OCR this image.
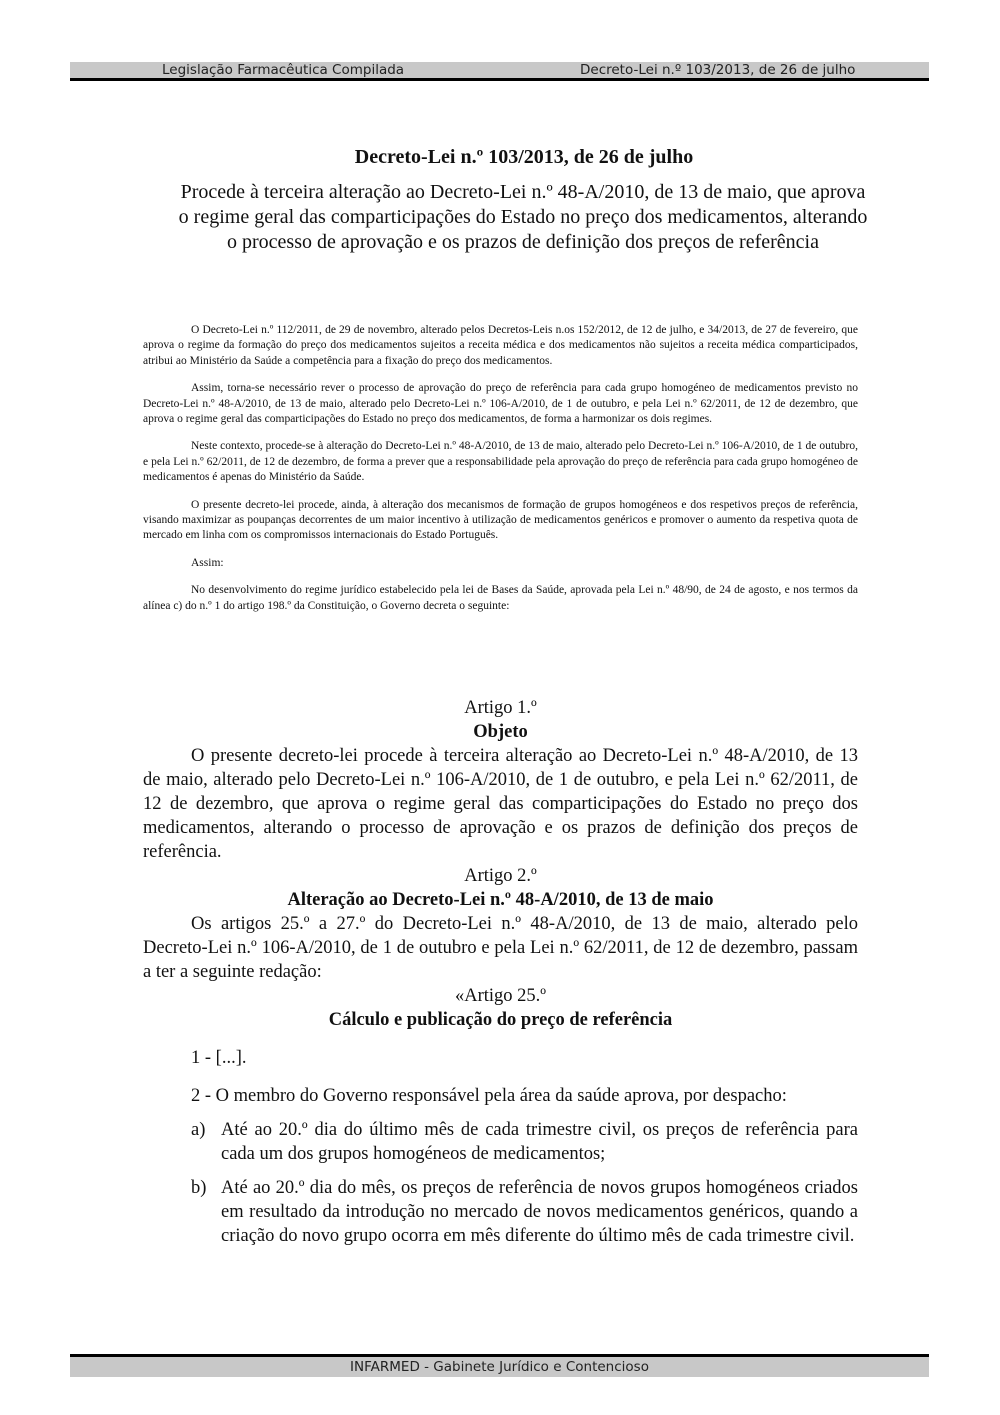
Legislação Farmacêutica Compilada	Decreto-Lei n.º 103/2013, de 26 de julho
Decreto-Lei n.º 103/2013, de 26 de julho
Procede à terceira alteração ao Decreto-Lei n.º 48-A/2010, de 13 de maio, que aprova o regime geral das comparticipações do Estado no preço dos medicamentos, alterando o processo de aprovação e os prazos de definição dos preços de referência

O Decreto-Lei n.º 112/2011, de 29 de novembro, alterado pelos Decretos-Leis n.os 152/2012, de 12 de julho, e 34/2013, de 27 de fevereiro, que aprova o regime da formação do preço dos medicamentos sujeitos a receita médica e dos medicamentos não sujeitos a receita médica comparticipados, atribui ao Ministério da Saúde a competência para a fixação do preço dos medicamentos.

Assim, torna-se necessário rever o processo de aprovação do preço de referência para cada grupo homogéneo de medicamentos previsto no Decreto-Lei n.º 48-A/2010, de 13 de maio, alterado pelo Decreto-Lei n.º 106-A/2010, de 1 de outubro, e pela Lei n.º 62/2011, de 12 de dezembro, que aprova o regime geral das comparticipações do Estado no preço dos medicamentos, de forma a harmonizar os dois regimes.

Neste contexto, procede-se à alteração do Decreto-Lei n.º 48-A/2010, de 13 de maio, alterado pelo Decreto-Lei n.º 106-A/2010, de 1 de outubro, e pela Lei n.º 62/2011, de 12 de dezembro, de forma a prever que a responsabilidade pela aprovação do preço de referência para cada grupo homogéneo de medicamentos é apenas do Ministério da Saúde.

O presente decreto-lei procede, ainda, à alteração dos mecanismos de formação de grupos homogéneos e dos respetivos preços de referência, visando maximizar as poupanças decorrentes de um maior incentivo à utilização de medicamentos genéricos e promover o aumento da respetiva quota de mercado em linha com os compromissos internacionais do Estado Português.

Assim:

No desenvolvimento do regime jurídico estabelecido pela lei de Bases da Saúde, aprovada pela Lei n.º 48/90, de 24 de agosto, e nos termos da alínea c) do n.º 1 do artigo 198.º da Constituição, o Governo decreta o seguinte:

Artigo 1.º

Objeto

O presente decreto-lei procede à terceira alteração ao Decreto-Lei n.º 48-A/2010, de 13 de maio, alterado pelo Decreto-Lei n.º 106-A/2010, de 1 de outubro, e pela Lei n.º 62/2011, de 12 de dezembro, que aprova o regime geral das comparticipações do Estado no preço dos medicamentos, alterando o processo de aprovação e os prazos de definição dos preços de referência.

Artigo 2.º

Alteração ao Decreto-Lei n.º 48-A/2010, de 13 de maio

Os artigos 25.º a 27.º do Decreto-Lei n.º 48-A/2010, de 13 de maio, alterado pelo Decreto-Lei n.º 106-A/2010, de 1 de outubro e pela Lei n.º 62/2011, de 12 de dezembro, passam a ter a seguinte redação:

«Artigo 25.º

Cálculo e publicação do preço de referência

1 - [...].

2 - O membro do Governo responsável pela área da saúde aprova, por despacho:

a) Até ao 20.º dia do último mês de cada trimestre civil, os preços de referência para cada um dos grupos homogéneos de medicamentos;
b) Até ao 20.º dia do mês, os preços de referência de novos grupos homogéneos criados em resultado da introdução no mercado de novos medicamentos genéricos, quando a criação do novo grupo ocorra em mês diferente do último mês de cada trimestre civil.
INFARMED - Gabinete Jurídico e Contencioso
